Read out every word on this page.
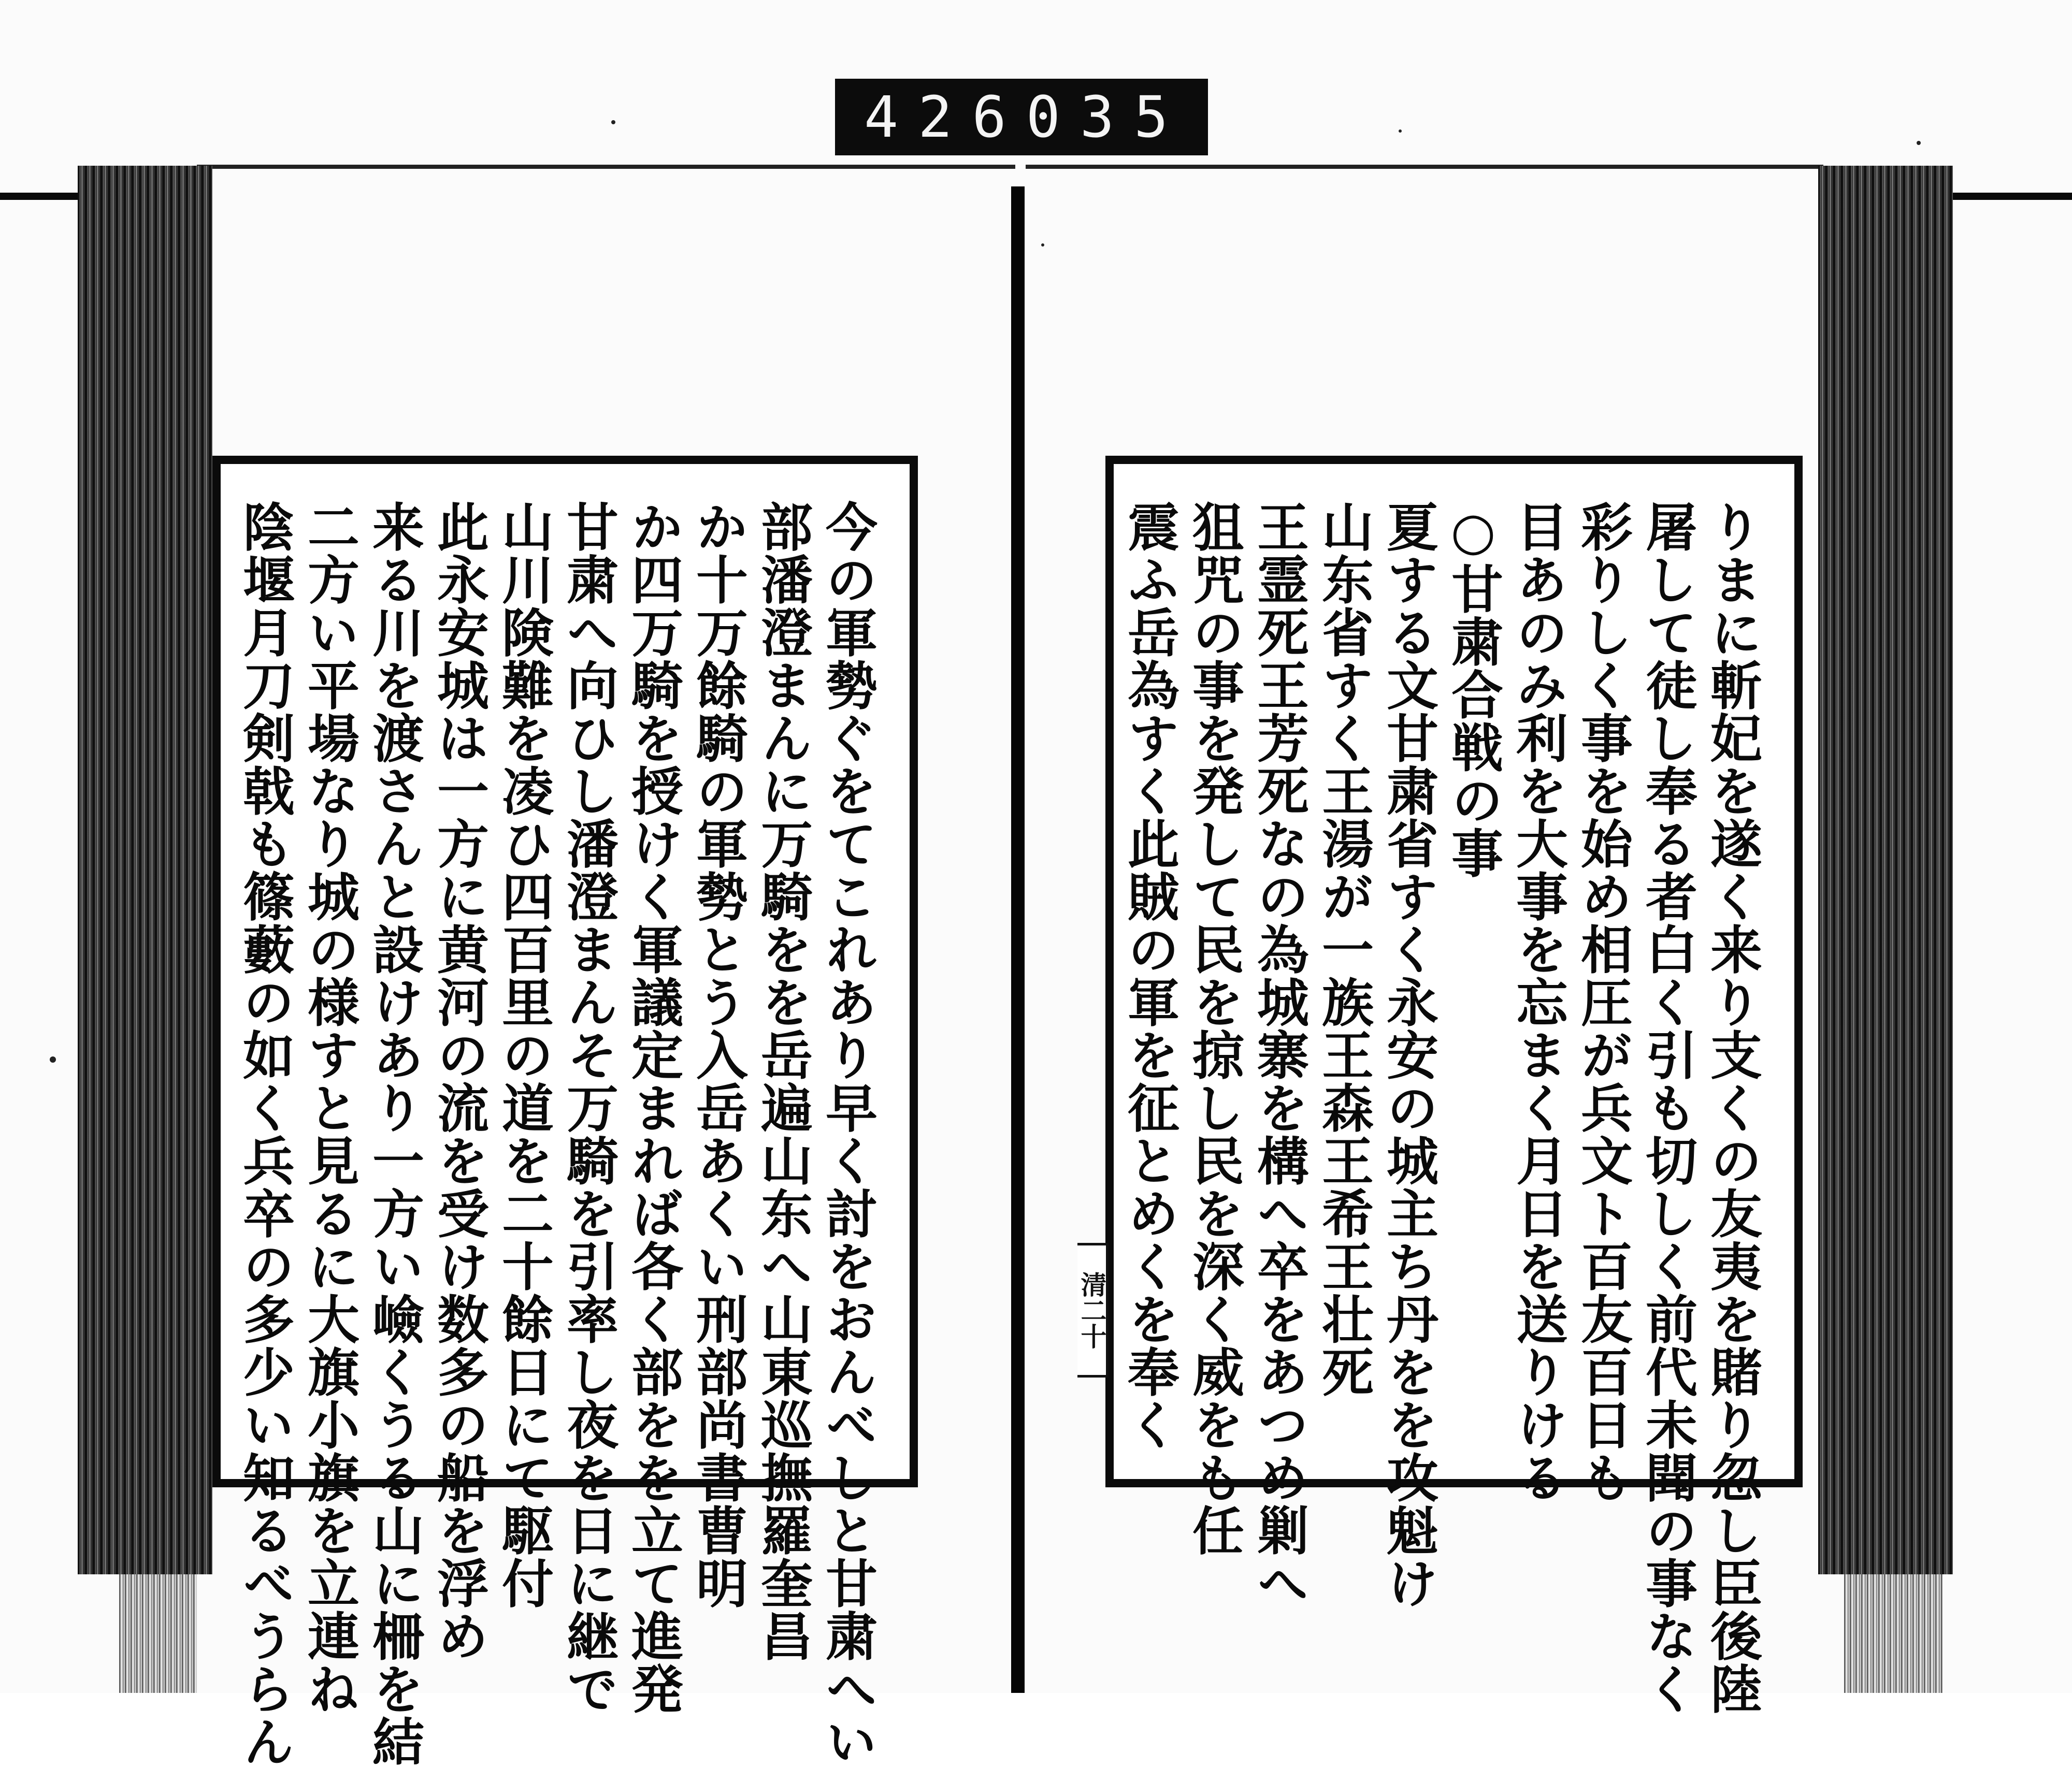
426 035

今の軍勢ぐをてこれあり早く討をおんべしと甘粛へい

部潘澄まんに万騎をを岳遍山东へ山東巡撫羅奎昌

か十万餘騎の軍勢とう入岳あくい刑部尚書曹明

か四万騎を授けく軍議定まれば各く部をを立て進発

甘粛へ向ひし潘澄まんそ万騎を引率し夜を日に継で

山川険難を凌ひ四百里の道を二十餘日にて駆付

此永安城は一方に黄河の流を受け数多の船を浮め

来る川を渡さんと設けあり一方い嶮くうる山に柵を結

二方い平場なり城の様すと見るに大旗小旗を立連ね

陰堰月刀剣戟も篠藪の如く兵卒の多少い知るべうらん	りまに斬妃を遂く来り支くの友夷を賭り忽し臣後陸

屠して徒し奉る者白く引も切しく前代未聞の事なく

彩りしく事を始め相圧が兵文ト百友百日も

目あのみ利を大事を忘まく月日を送りける

○甘粛合戦の事

夏する文甘粛省すく永安の城主ち丹をを攻魁け

山东省すく王湯が一族王森王希王壮死

王霊死王芳死なの為城寨を構へ卒をあつめ剿へ

狙咒の事を発して民を掠し民を深く威をも任

震ふ岳為すく此賊の軍を征とめくを奉く

清二十
